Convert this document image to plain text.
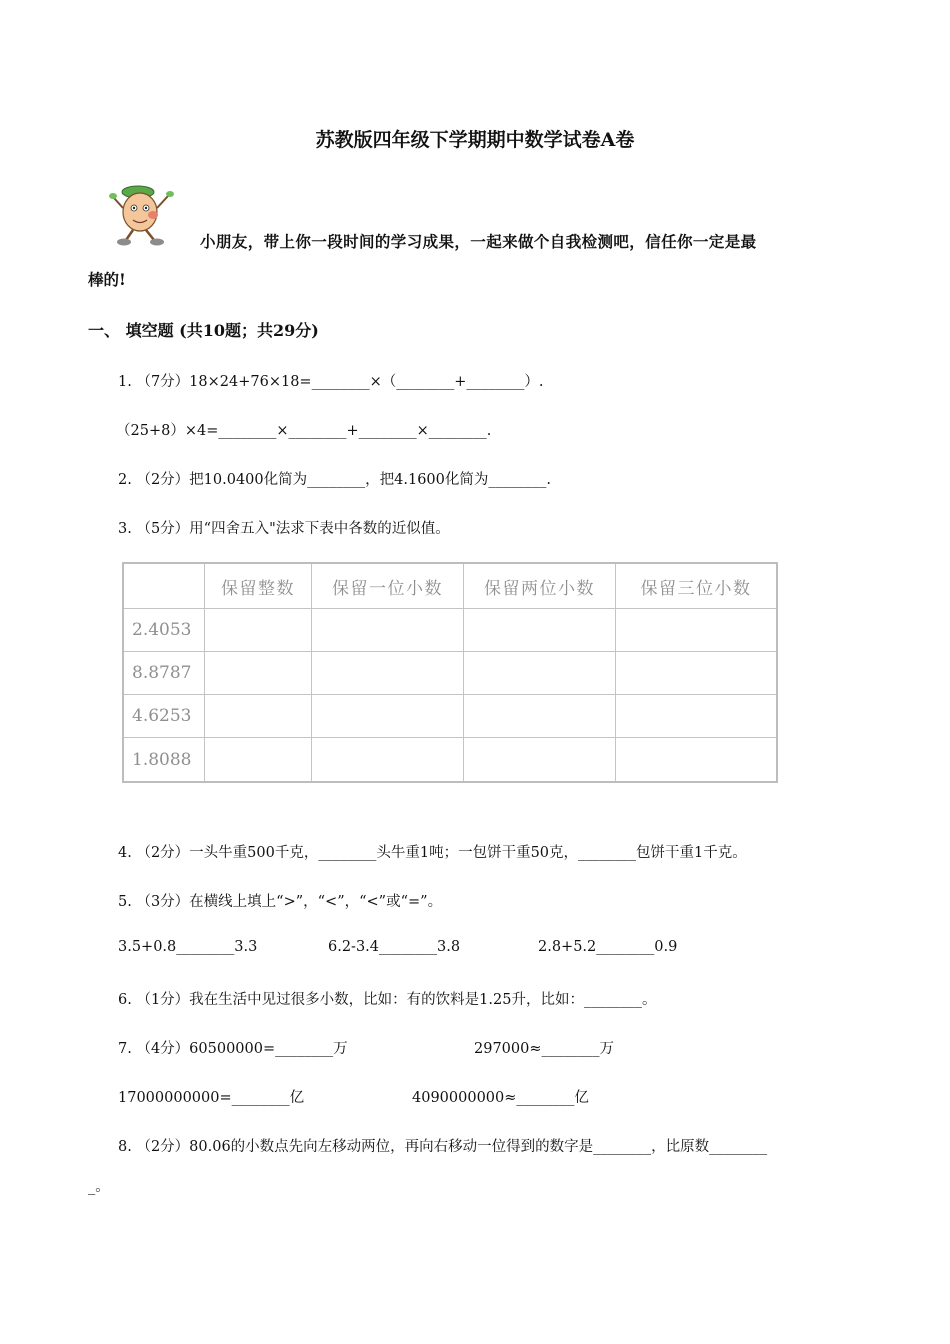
苏教版四年级下学期期中数学试卷A卷
小朋友，带上你一段时间的学习成果，一起来做个自我检测吧，信任你一定是最
棒的!
一、 填空题 (共10题；共29分)
1. （7分）18×24+76×18=________×（________+________）.
（25+8）×4=________×________+________×________.
2. （2分）把10.0400化简为________，把4.1600化简为________.
3. （5分）用“四舍五入"法求下表中各数的近似值。
	保留整数	保留一位小数	保留两位小数	保留三位小数
2.4053				
8.8787				
4.6253				
1.8088				
4. （2分）一头牛重500千克，________头牛重1吨；一包饼干重50克，________包饼干重1千克。
5. （3分）在横线上填上“>”，“<”，“<”或“=”。
3.5+0.8________3.3	6.2-3.4________3.8	2.8+5.2________0.9
6. （1分）我在生活中见过很多小数，比如：有的饮料是1.25升，比如：________。
7. （4分）60500000=________万	297000≈________万
17000000000=________亿	4090000000≈________亿
8. （2分）80.06的小数点先向左移动两位，再向右移动一位得到的数字是________，比原数________
_。
